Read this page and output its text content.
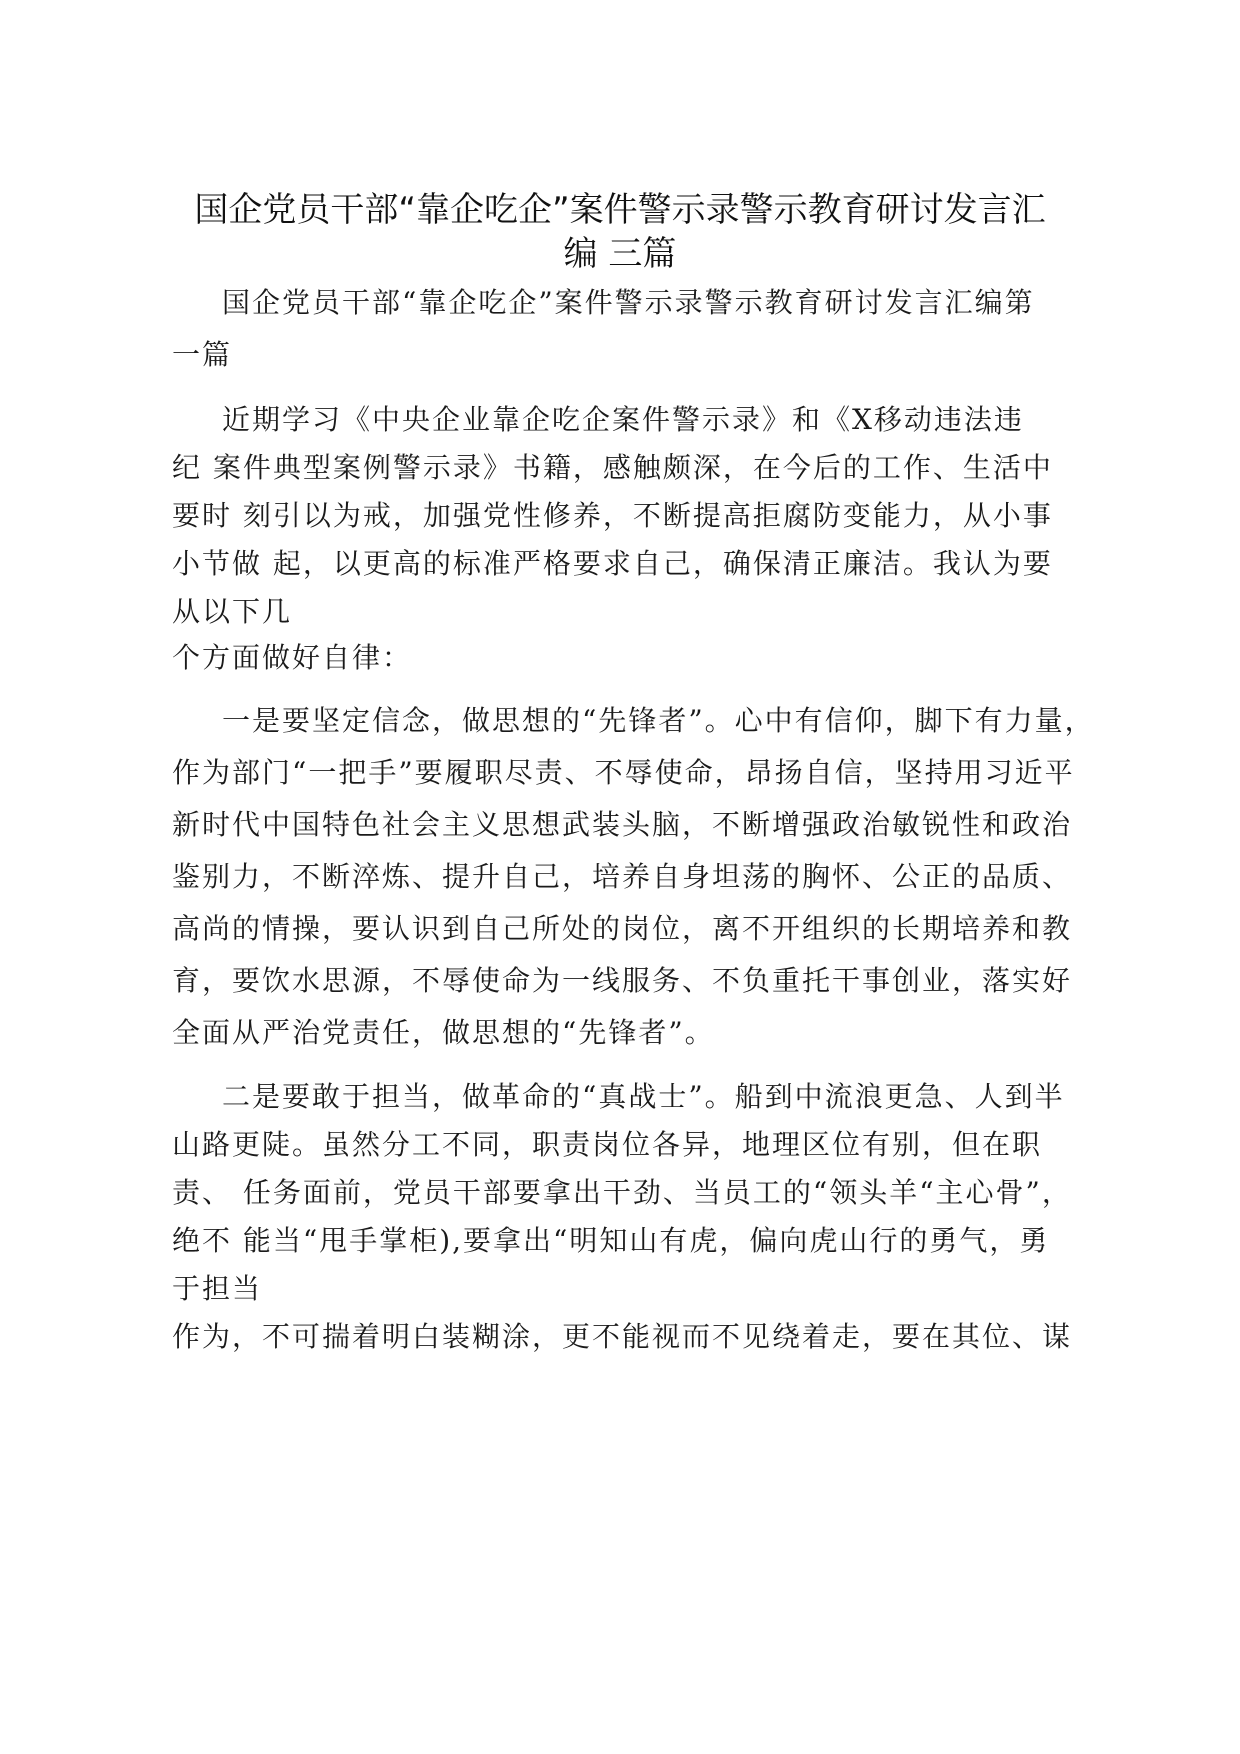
国企党员干部“靠企吃企”案件警示录警示教育研讨发言汇
编 三篇
国企党员干部“靠企吃企”案件警示录警示教育研讨发言汇编第
一篇
近期学习《中央企业靠企吃企案件警示录》和《X移动违法违
纪 案件典型案例警示录》书籍，感触颇深，在今后的工作、生活中
要时 刻引以为戒，加强党性修养，不断提高拒腐防变能力，从小事
小节做 起，以更高的标准严格要求自己，确保清正廉洁。我认为要
从以下几
个方面做好自律：
一是要坚定信念，做思想的“先锋者”。心中有信仰，脚下有力量，
作为部门“一把手”要履职尽责、不辱使命，昂扬自信，坚持用习近平
新时代中国特色社会主义思想武装头脑，不断增强政治敏锐性和政治
鉴别力，不断淬炼、提升自己，培养自身坦荡的胸怀、公正的品质、
高尚的情操，要认识到自己所处的岗位，离不开组织的长期培养和教
育，要饮水思源，不辱使命为一线服务、不负重托干事创业，落实好
全面从严治党责任，做思想的“先锋者”。
二是要敢于担当，做革命的“真战士”。船到中流浪更急、人到半
山路更陡。虽然分工不同，职责岗位各异，地理区位有别，但在职
责、 任务面前，党员干部要拿出干劲、当员工的“领头羊“主心骨”，
绝不 能当“甩手掌柜),要拿出“明知山有虎，偏向虎山行的勇气，勇
于担当
作为，不可揣着明白装糊涂，更不能视而不见绕着走，要在其位、谋
